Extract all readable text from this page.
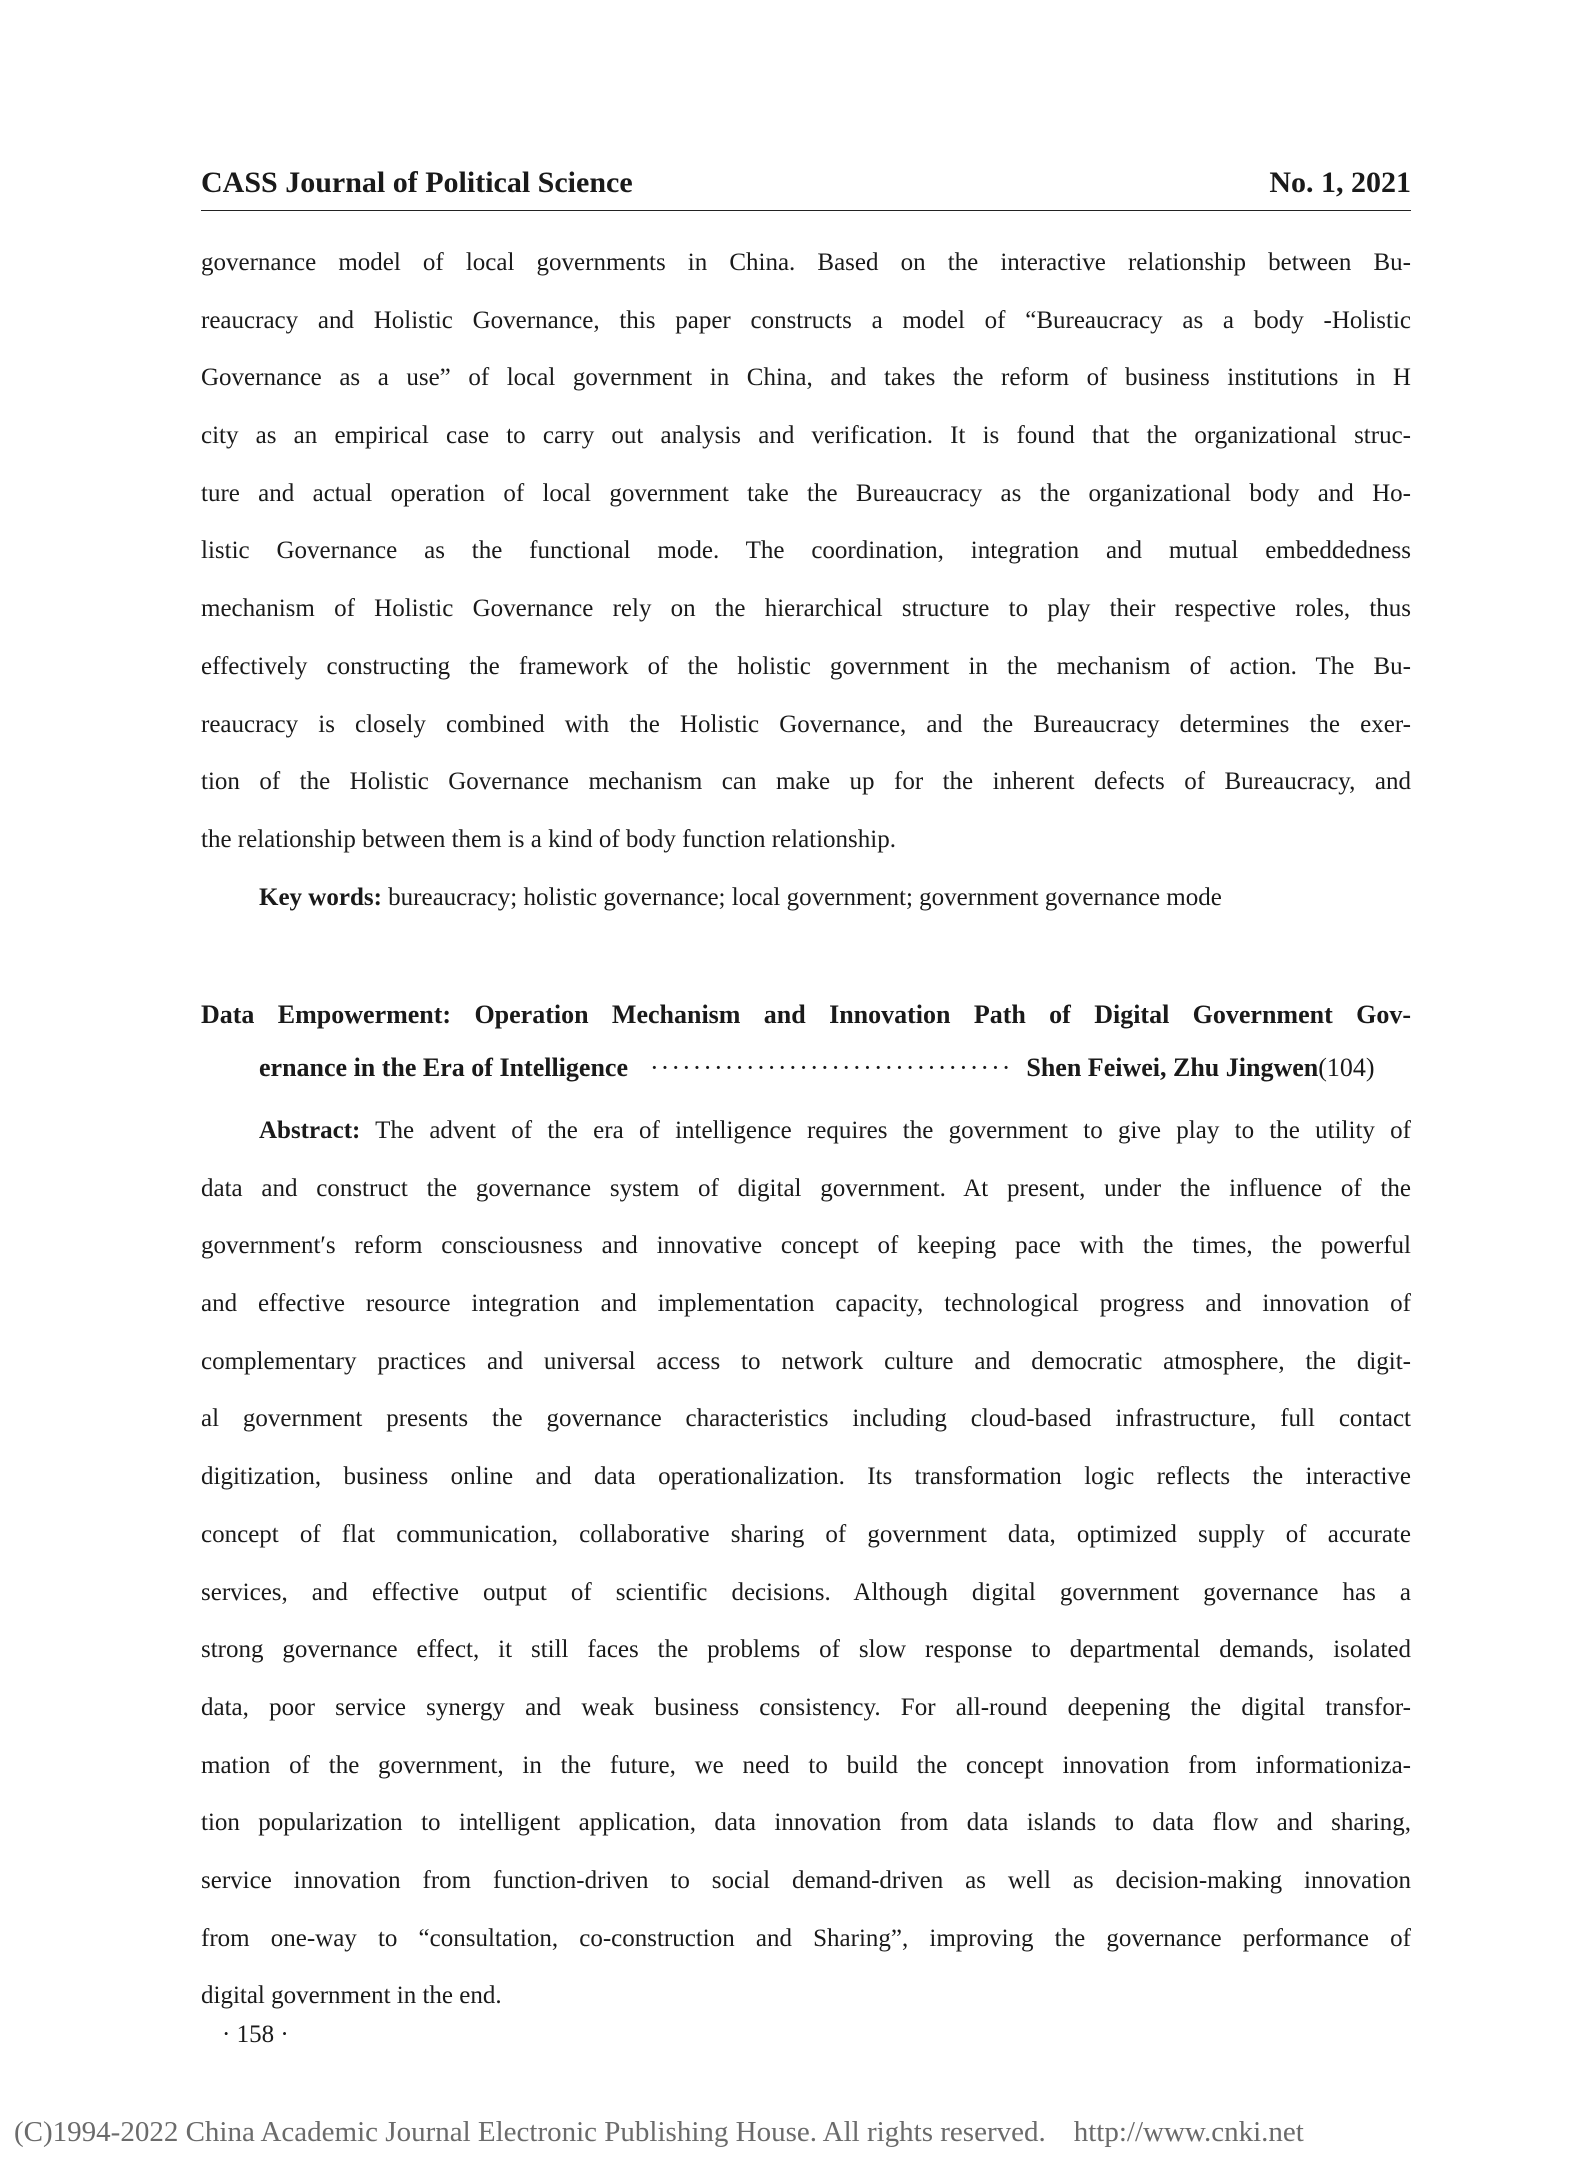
CASS Journal of Political Science	No. 1, 2021
governance model of local governments in China. Based on the interactive relationship between Bu-
reaucracy and Holistic Governance, this paper constructs a model of “Bureaucracy as a body -Holistic
Governance as a use” of local government in China, and takes the reform of business institutions in H
city as an empirical case to carry out analysis and verification. It is found that the organizational struc-
ture and actual operation of local government take the Bureaucracy as the organizational body and Ho-
listic Governance as the functional mode. The coordination, integration and mutual embeddedness
mechanism of Holistic Governance rely on the hierarchical structure to play their respective roles, thus
effectively constructing the framework of the holistic government in the mechanism of action. The Bu-
reaucracy is closely combined with the Holistic Governance, and the Bureaucracy determines the exer-
tion of the Holistic Governance mechanism can make up for the inherent defects of Bureaucracy, and
the relationship between them is a kind of body function relationship.
Key words: bureaucracy; holistic governance; local government; government governance mode
Data Empowerment: Operation Mechanism and Innovation Path of Digital Government Gov-
ernance in the Era of Intelligence ·································· Shen Feiwei, Zhu Jingwen(104)
Abstract: The advent of the era of intelligence requires the government to give play to the utility of
data and construct the governance system of digital government. At present, under the influence of the
government′s reform consciousness and innovative concept of keeping pace with the times, the powerful
and effective resource integration and implementation capacity, technological progress and innovation of
complementary practices and universal access to network culture and democratic atmosphere, the digit-
al government presents the governance characteristics including cloud-based infrastructure, full contact
digitization, business online and data operationalization. Its transformation logic reflects the interactive
concept of flat communication, collaborative sharing of government data, optimized supply of accurate
services, and effective output of scientific decisions. Although digital government governance has a
strong governance effect, it still faces the problems of slow response to departmental demands, isolated
data, poor service synergy and weak business consistency. For all-round deepening the digital transfor-
mation of the government, in the future, we need to build the concept innovation from informationiza-
tion popularization to intelligent application, data innovation from data islands to data flow and sharing,
service innovation from function-driven to social demand-driven as well as decision-making innovation
from one-way to “consultation, co-construction and Sharing”, improving the governance performance of
digital government in the end.
· 158 ·
(C)1994-2022 China Academic Journal Electronic Publishing House. All rights reserved. http://www.cnki.net
